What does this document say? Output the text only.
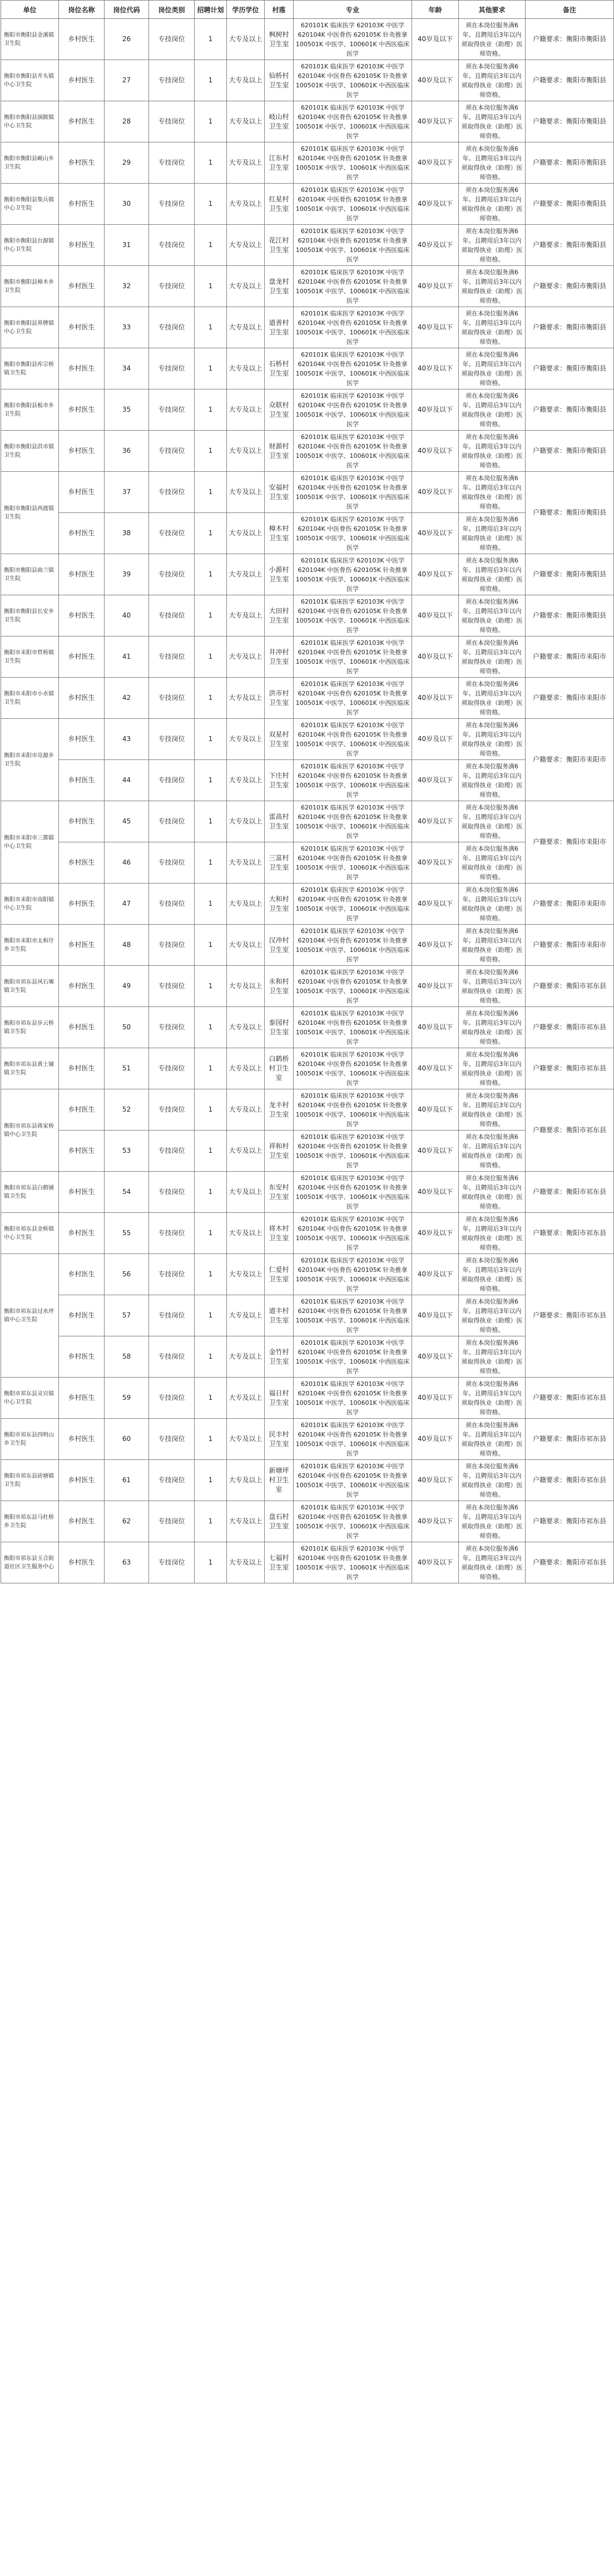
单位	岗位名称	岗位代码	岗位类别	招聘计划	学历学位	村落	专业	年龄	其他要求	备注
衡阳市衡阳县金溪镇卫生院	乡村医生	26	专技岗位	1	大专及以上	枫树村卫生室	620101K 临床医学 620103K 中医学 620104K 中医骨伤 620105K 针灸推拿 100501K 中医学、100601K 中西医临床医学	40岁及以下	须在本岗位服务满6年。且聘用后3年以内须取得执业（助理）医师资格。	户籍要求：衡阳市衡阳县
衡阳市衡阳县井头镇中心卫生院	乡村医生	27	专技岗位	1	大专及以上	仙桥村卫生室	620101K 临床医学 620103K 中医学 620104K 中医骨伤 620105K 针灸推拿 100501K 中医学、100601K 中西医临床医学	40岁及以下	须在本岗位服务满6年。且聘用后3年以内须取得执业（助理）医师资格。	户籍要求：衡阳市衡阳县
衡阳市衡阳县演陂镇中心卫生院	乡村医生	28	专技岗位	1	大专及以上	岐山村卫生室	620101K 临床医学 620103K 中医学 620104K 中医骨伤 620105K 针灸推拿 100501K 中医学、100601K 中西医临床医学	40岁及以下	须在本岗位服务满6年。且聘用后3年以内须取得执业（助理）医师资格。	户籍要求：衡阳市衡阳县
衡阳市衡阳县岘山乡卫生院	乡村医生	29	专技岗位	1	大专及以上	江东村卫生室	620101K 临床医学 620103K 中医学 620104K 中医骨伤 620105K 针灸推拿 100501K 中医学、100601K 中西医临床医学	40岁及以下	须在本岗位服务满6年。且聘用后3年以内须取得执业（助理）医师资格。	户籍要求：衡阳市衡阳县
衡阳市衡阳县集兵镇中心卫生院	乡村医生	30	专技岗位	1	大专及以上	红星村卫生室	620101K 临床医学 620103K 中医学 620104K 中医骨伤 620105K 针灸推拿 100501K 中医学、100601K 中西医临床医学	40岁及以下	须在本岗位服务满6年。且聘用后3年以内须取得执业（助理）医师资格。	户籍要求：衡阳市衡阳县
衡阳市衡阳县台源镇中心卫生院	乡村医生	31	专技岗位	1	大专及以上	花江村卫生室	620101K 临床医学 620103K 中医学 620104K 中医骨伤 620105K 针灸推拿 100501K 中医学、100601K 中西医临床医学	40岁及以下	须在本岗位服务满6年。且聘用后3年以内须取得执业（助理）医师资格。	户籍要求：衡阳市衡阳县
衡阳市衡阳县樟木乡卫生院	乡村医生	32	专技岗位	1	大专及以上	盘龙村卫生室	620101K 临床医学 620103K 中医学 620104K 中医骨伤 620105K 针灸推拿 100501K 中医学、100601K 中西医临床医学	40岁及以下	须在本岗位服务满6年。且聘用后3年以内须取得执业（助理）医师资格。	户籍要求：衡阳市衡阳县
衡阳市衡阳县界牌镇中心卫生院	乡村医生	33	专技岗位	1	大专及以上	道善村卫生室	620101K 临床医学 620103K 中医学 620104K 中医骨伤 620105K 针灸推拿 100501K 中医学、100601K 中西医临床医学	40岁及以下	须在本岗位服务满6年。且聘用后3年以内须取得执业（助理）医师资格。	户籍要求：衡阳市衡阳县
衡阳市衡阳县库宗桥镇卫生院	乡村医生	34	专技岗位	1	大专及以上	石桥村卫生室	620101K 临床医学 620103K 中医学 620104K 中医骨伤 620105K 针灸推拿 100501K 中医学、100601K 中西医临床医学	40岁及以下	须在本岗位服务满6年。且聘用后3年以内须取得执业（助理）医师资格。	户籍要求：衡阳市衡阳县
衡阳市衡阳县板市乡卫生院	乡村医生	35	专技岗位	1	大专及以上	众联村卫生室	620101K 临床医学 620103K 中医学 620104K 中医骨伤 620105K 针灸推拿 100501K 中医学、100601K 中西医临床医学	40岁及以下	须在本岗位服务满6年。且聘用后3年以内须取得执业（助理）医师资格。	户籍要求：衡阳市衡阳县
衡阳市衡阳县洪市镇卫生院	乡村医生	36	专技岗位	1	大专及以上	财源村卫生室	620101K 临床医学 620103K 中医学 620104K 中医骨伤 620105K 针灸推拿 100501K 中医学、100601K 中西医临床医学	40岁及以下	须在本岗位服务满6年。且聘用后3年以内须取得执业（助理）医师资格。	户籍要求：衡阳市衡阳县
衡阳市衡阳县西渡镇卫生院	乡村医生	37	专技岗位	1	大专及以上	安福村卫生室	620101K 临床医学 620103K 中医学 620104K 中医骨伤 620105K 针灸推拿 100501K 中医学、100601K 中西医临床医学	40岁及以下	须在本岗位服务满6年。且聘用后3年以内须取得执业（助理）医师资格。	户籍要求：衡阳市衡阳县
	乡村医生	38	专技岗位	1	大专及以上	樟木村卫生室	620101K 临床医学 620103K 中医学 620104K 中医骨伤 620105K 针灸推拿 100501K 中医学、100601K 中西医临床医学	40岁及以下	须在本岗位服务满6年。且聘用后3年以内须取得执业（助理）医师资格。	
衡阳市衡阳县曲兰镇卫生院	乡村医生	39	专技岗位	1	大专及以上	小源村卫生室	620101K 临床医学 620103K 中医学 620104K 中医骨伤 620105K 针灸推拿 100501K 中医学、100601K 中西医临床医学	40岁及以下	须在本岗位服务满6年。且聘用后3年以内须取得执业（助理）医师资格。	户籍要求：衡阳市衡阳县
衡阳市衡阳县长安乡卫生院	乡村医生	40	专技岗位	1	大专及以上	大田村卫生室	620101K 临床医学 620103K 中医学 620104K 中医骨伤 620105K 针灸推拿 100501K 中医学、100601K 中西医临床医学	40岁及以下	须在本岗位服务满6年。且聘用后3年以内须取得执业（助理）医师资格。	户籍要求：衡阳市衡阳县
衡阳市耒阳市哲桥镇卫生院	乡村医生	41	专技岗位	1	大专及以上	井冲村卫生室	620101K 临床医学 620103K 中医学 620104K 中医骨伤 620105K 针灸推拿 100501K 中医学、100601K 中西医临床医学	40岁及以下	须在本岗位服务满6年。且聘用后3年以内须取得执业（助理）医师资格。	户籍要求：衡阳市耒阳市
衡阳市耒阳市小水镇卫生院	乡村医生	42	专技岗位	1	大专及以上	洪市村卫生室	620101K 临床医学 620103K 中医学 620104K 中医骨伤 620105K 针灸推拿 100501K 中医学、100601K 中西医临床医学	40岁及以下	须在本岗位服务满6年。且聘用后3年以内须取得执业（助理）医师资格。	户籍要求：衡阳市耒阳市
衡阳市耒阳市亮源乡卫生院	乡村医生	43	专技岗位	1	大专及以上	双星村卫生室	620101K 临床医学 620103K 中医学 620104K 中医骨伤 620105K 针灸推拿 100501K 中医学、100601K 中西医临床医学	40岁及以下	须在本岗位服务满6年。且聘用后3年以内须取得执业（助理）医师资格。	户籍要求：衡阳市耒阳市
	乡村医生	44	专技岗位	1	大专及以上	下庄村卫生室	620101K 临床医学 620103K 中医学 620104K 中医骨伤 620105K 针灸推拿 100501K 中医学、100601K 中西医临床医学	40岁及以下	须在本岗位服务满6年。且聘用后3年以内须取得执业（助理）医师资格。	
衡阳市耒阳市三都镇中心卫生院	乡村医生	45	专技岗位	1	大专及以上	雷高村卫生室	620101K 临床医学 620103K 中医学 620104K 中医骨伤 620105K 针灸推拿 100501K 中医学、100601K 中西医临床医学	40岁及以下	须在本岗位服务满6年。且聘用后3年以内须取得执业（助理）医师资格。	户籍要求：衡阳市耒阳市
	乡村医生	46	专技岗位	1	大专及以上	三富村卫生室	620101K 临床医学 620103K 中医学 620104K 中医骨伤 620105K 针灸推拿 100501K 中医学、100601K 中西医临床医学	40岁及以下	须在本岗位服务满6年。且聘用后3年以内须取得执业（助理）医师资格。	
衡阳市耒阳市南阳镇中心卫生院	乡村医生	47	专技岗位	1	大专及以上	大和村卫生室	620101K 临床医学 620103K 中医学 620104K 中医骨伤 620105K 针灸推拿 100501K 中医学、100601K 中西医临床医学	40岁及以下	须在本岗位服务满6年。且聘用后3年以内须取得执业（助理）医师资格。	户籍要求：衡阳市耒阳市
衡阳市耒阳市太和圩乡卫生院	乡村医生	48	专技岗位	1	大专及以上	汉冲村卫生室	620101K 临床医学 620103K 中医学 620104K 中医骨伤 620105K 针灸推拿 100501K 中医学、100601K 中西医临床医学	40岁及以下	须在本岗位服务满6年。且聘用后3年以内须取得执业（助理）医师资格。	户籍要求：衡阳市耒阳市
衡阳市祁东县风石堰镇卫生院	乡村医生	49	专技岗位	1	大专及以上	永和村卫生室	620101K 临床医学 620103K 中医学 620104K 中医骨伤 620105K 针灸推拿 100501K 中医学、100601K 中西医临床医学	40岁及以下	须在本岗位服务满6年。且聘用后3年以内须取得执业（助理）医师资格。	户籍要求：衡阳市祁东县
衡阳市祁东县步云桥镇卫生院	乡村医生	50	专技岗位	1	大专及以上	泰园村卫生室	620101K 临床医学 620103K 中医学 620104K 中医骨伤 620105K 针灸推拿 100501K 中医学、100601K 中西医临床医学	40岁及以下	须在本岗位服务满6年。且聘用后3年以内须取得执业（助理）医师资格。	户籍要求：衡阳市祁东县
衡阳市祁东县黄土铺镇卫生院	乡村医生	51	专技岗位	1	大专及以上	白鹤桥村卫生室	620101K 临床医学 620103K 中医学 620104K 中医骨伤 620105K 针灸推拿 100501K 中医学、100601K 中西医临床医学	40岁及以下	须在本岗位服务满6年。且聘用后3年以内须取得执业（助理）医师资格。	户籍要求：衡阳市祁东县
衡阳市祁东县蒋家桥镇中心卫生院	乡村医生	52	专技岗位	1	大专及以上	龙丰村卫生室	620101K 临床医学 620103K 中医学 620104K 中医骨伤 620105K 针灸推拿 100501K 中医学、100601K 中西医临床医学	40岁及以下	须在本岗位服务满6年。且聘用后3年以内须取得执业（助理）医师资格。	户籍要求：衡阳市祁东县
	乡村医生	53	专技岗位	1	大专及以上	祥和村卫生室	620101K 临床医学 620103K 中医学 620104K 中医骨伤 620105K 针灸推拿 100501K 中医学、100601K 中西医临床医学	40岁及以下	须在本岗位服务满6年。且聘用后3年以内须取得执业（助理）医师资格。	
衡阳市祁东县白鹤铺镇卫生院	乡村医生	54	专技岗位	1	大专及以上	东安村卫生室	620101K 临床医学 620103K 中医学 620104K 中医骨伤 620105K 针灸推拿 100501K 中医学、100601K 中西医临床医学	40岁及以下	须在本岗位服务满6年。且聘用后3年以内须取得执业（助理）医师资格。	户籍要求：衡阳市祁东县
衡阳市祁东县金桥镇中心卫生院	乡村医生	55	专技岗位	1	大专及以上	将木村卫生室	620101K 临床医学 620103K 中医学 620104K 中医骨伤 620105K 针灸推拿 100501K 中医学、100601K 中西医临床医学	40岁及以下	须在本岗位服务满6年。且聘用后3年以内须取得执业（助理）医师资格。	户籍要求：衡阳市祁东县
衡阳市祁东县过水坪镇中心卫生院	乡村医生	56	专技岗位	1	大专及以上	仁爱村卫生室	620101K 临床医学 620103K 中医学 620104K 中医骨伤 620105K 针灸推拿 100501K 中医学、100601K 中西医临床医学	40岁及以下	须在本岗位服务满6年。且聘用后3年以内须取得执业（助理）医师资格。	户籍要求：衡阳市祁东县
	乡村医生	57	专技岗位	1	大专及以上	道丰村卫生室	620101K 临床医学 620103K 中医学 620104K 中医骨伤 620105K 针灸推拿 100501K 中医学、100601K 中西医临床医学	40岁及以下	须在本岗位服务满6年。且聘用后3年以内须取得执业（助理）医师资格。	
	乡村医生	58	专技岗位	1	大专及以上	金竹村卫生室	620101K 临床医学 620103K 中医学 620104K 中医骨伤 620105K 针灸推拿 100501K 中医学、100601K 中西医临床医学	40岁及以下	须在本岗位服务满6年。且聘用后3年以内须取得执业（助理）医师资格。	
衡阳市祁东县灵官镇中心卫生院	乡村医生	59	专技岗位	1	大专及以上	福日村卫生室	620101K 临床医学 620103K 中医学 620104K 中医骨伤 620105K 针灸推拿 100501K 中医学、100601K 中西医临床医学	40岁及以下	须在本岗位服务满6年。且聘用后3年以内须取得执业（助理）医师资格。	户籍要求：衡阳市祁东县
衡阳市祁东县四明山乡卫生院	乡村医生	60	专技岗位	1	大专及以上	民丰村卫生室	620101K 临床医学 620103K 中医学 620104K 中医骨伤 620105K 针灸推拿 100501K 中医学、100601K 中西医临床医学	40岁及以下	须在本岗位服务满6年。且聘用后3年以内须取得执业（助理）医师资格。	户籍要求：衡阳市祁东县
衡阳市祁东县砖塘镇卫生院	乡村医生	61	专技岗位	1	大专及以上	新塘坪村卫生室	620101K 临床医学 620103K 中医学 620104K 中医骨伤 620105K 针灸推拿 100501K 中医学、100601K 中西医临床医学	40岁及以下	须在本岗位服务满6年。且聘用后3年以内须取得执业（助理）医师资格。	户籍要求：衡阳市祁东县
衡阳市祁东县马杜桥乡卫生院	乡村医生	62	专技岗位	1	大专及以上	盘石村卫生室	620101K 临床医学 620103K 中医学 620104K 中医骨伤 620105K 针灸推拿 100501K 中医学、100601K 中西医临床医学	40岁及以下	须在本岗位服务满6年。且聘用后3年以内须取得执业（助理）医师资格。	户籍要求：衡阳市祁东县
衡阳市祁东县玉合街道社区卫生服务中心	乡村医生	63	专技岗位	1	大专及以上	七福村卫生室	620101K 临床医学 620103K 中医学 620104K 中医骨伤 620105K 针灸推拿 100501K 中医学、100601K 中西医临床医学	40岁及以下	须在本岗位服务满6年。且聘用后3年以内须取得执业（助理）医师资格。	户籍要求：衡阳市祁东县
